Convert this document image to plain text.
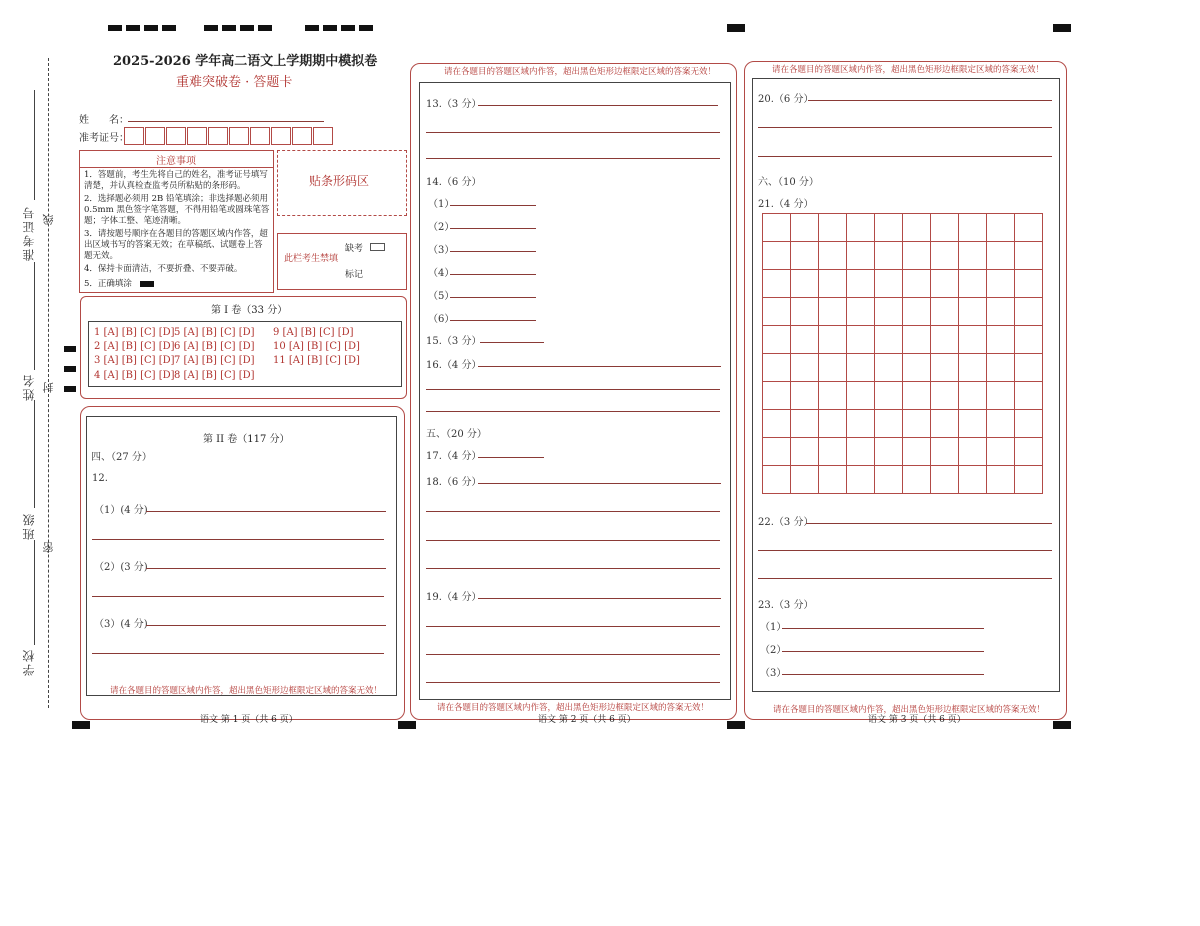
准考证号 线
姓名 封
班级
密
学校
2025-2026 学年高二语文上学期期中模拟卷
重难突破卷 · 答题卡
姓　　名：
准考证号：
注意事项
1．答题前，考生先将自己的姓名，准考证号填写清楚，并认真检查监考员所粘贴的条形码。
2．选择题必须用 2B 铅笔填涂；非选择题必须用 0.5mm 黑色签字笔答题，不得用铅笔或圆珠笔答题；字体工整、笔迹清晰。
3．请按题号顺序在各题目的答题区域内作答，超出区域书写的答案无效；在草稿纸、试题卷上答题无效。
4．保持卡面清洁，不要折叠、不要弄破。
5．正确填涂
贴条形码区
缺考
此栏考生禁填
标记
第 I 卷（33 分）
1 [A] [B] [C] [D] 5 [A] [B] [C] [D] 9 [A] [B] [C] [D]
2 [A] [B] [C] [D] 6 [A] [B] [C] [D] 10 [A] [B] [C] [D]
3 [A] [B] [C] [D] 7 [A] [B] [C] [D] 11 [A] [B] [C] [D]
4 [A] [B] [C] [D] 8 [A] [B] [C] [D]
第 II 卷（117 分）
四、（27 分）
12.
（1）(4 分)
（2）(3 分)
（3）(4 分)
请在各题目的答题区域内作答，超出黑色矩形边框限定区域的答案无效！
语文 第 1 页（共 6 页）
请在各题目的答题区域内作答，超出黑色矩形边框限定区域的答案无效！
13.（3 分）
14.（6 分）
（1）
（2）
（3）
（4）
（5）
（6）
15.（3 分）
16.（4 分）
五、（20 分）
17.（4 分）
18.（6 分）
19.（4 分）
请在各题目的答题区域内作答，超出黑色矩形边框限定区域的答案无效！
语文 第 2 页（共 6 页）
请在各题目的答题区域内作答，超出黑色矩形边框限定区域的答案无效！
20.（6 分）
六、（10 分）
21.（4 分）

22.（3 分）
23.（3 分）
（1）
（2）
（3）
请在各题目的答题区域内作答，超出黑色矩形边框限定区域的答案无效！
语文 第 3 页（共 6 页）
